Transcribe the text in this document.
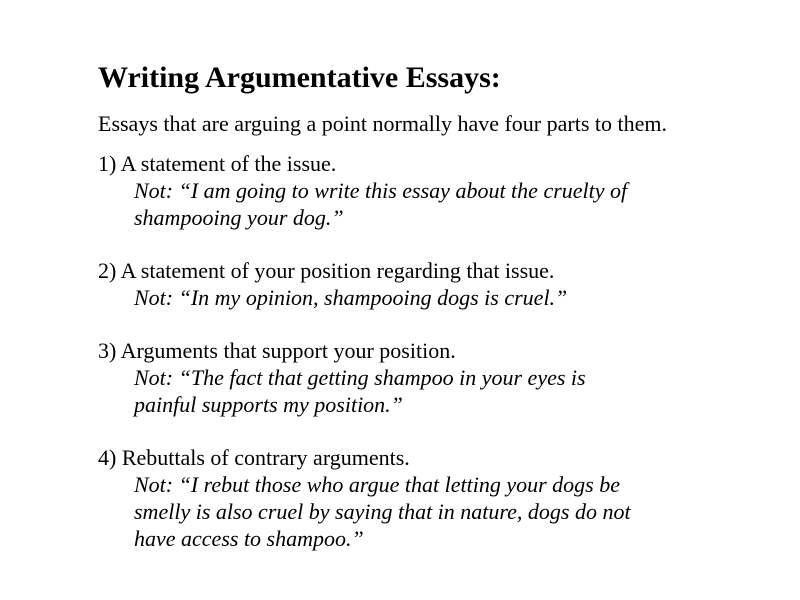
Writing Argumentative Essays:

Essays that are arguing a point normally have four parts to them.

1) A statement of the issue.
Not: “I am going to write this essay about the cruelty of
shampooing your dog.”
2) A statement of your position regarding that issue.
Not: “In my opinion, shampooing dogs is cruel.”
3) Arguments that support your position.
Not: “The fact that getting shampoo in your eyes is
painful supports my position.”
4) Rebuttals of contrary arguments.
Not: “I rebut those who argue that letting your dogs be
smelly is also cruel by saying that in nature, dogs do not
have access to shampoo.”
